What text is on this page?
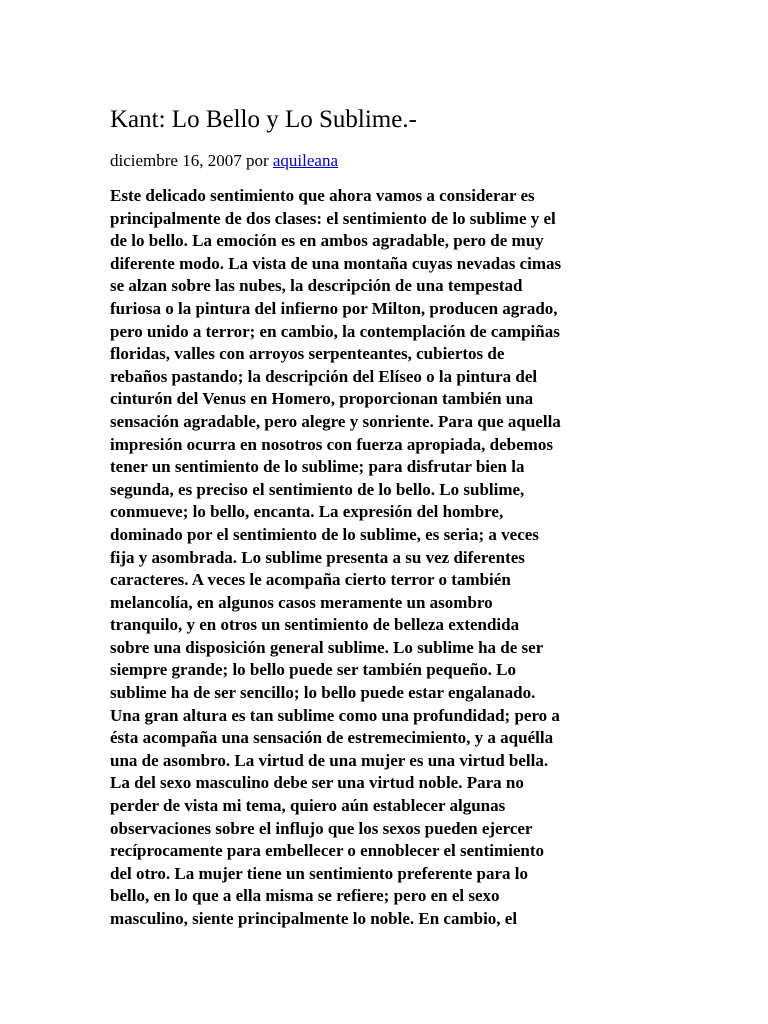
Kant: Lo Bello y Lo Sublime.-
diciembre 16, 2007 por aquileana
Este delicado sentimiento que ahora vamos a considerar es
principalmente de dos clases: el sentimiento de lo sublime y el
de lo bello. La emoción es en ambos agradable, pero de muy
diferente modo. La vista de una montaña cuyas nevadas cimas
se alzan sobre las nubes, la descripción de una tempestad
furiosa o la pintura del infierno por Milton, producen agrado,
pero unido a terror; en cambio, la contemplación de campiñas
floridas, valles con arroyos serpenteantes, cubiertos de
rebaños pastando; la descripción del Elíseo o la pintura del
cinturón del Venus en Homero, proporcionan también una
sensación agradable, pero alegre y sonriente. Para que aquella
impresión ocurra en nosotros con fuerza apropiada, debemos
tener un sentimiento de lo sublime; para disfrutar bien la
segunda, es preciso el sentimiento de lo bello. Lo sublime,
conmueve; lo bello, encanta. La expresión del hombre,
dominado por el sentimiento de lo sublime, es seria; a veces
fija y asombrada. Lo sublime presenta a su vez diferentes
caracteres. A veces le acompaña cierto terror o también
melancolía, en algunos casos meramente un asombro
tranquilo, y en otros un sentimiento de belleza extendida
sobre una disposición general sublime. Lo sublime ha de ser
siempre grande; lo bello puede ser también pequeño. Lo
sublime ha de ser sencillo; lo bello puede estar engalanado.
Una gran altura es tan sublime como una profundidad; pero a
ésta acompaña una sensación de estremecimiento, y a aquélla
una de asombro. La virtud de una mujer es una virtud bella.
La del sexo masculino debe ser una virtud noble. Para no
perder de vista mi tema, quiero aún establecer algunas
observaciones sobre el influjo que los sexos pueden ejercer
recíprocamente para embellecer o ennoblecer el sentimiento
del otro. La mujer tiene un sentimiento preferente para lo
bello, en lo que a ella misma se refiere; pero en el sexo
masculino, siente principalmente lo noble. En cambio, el
